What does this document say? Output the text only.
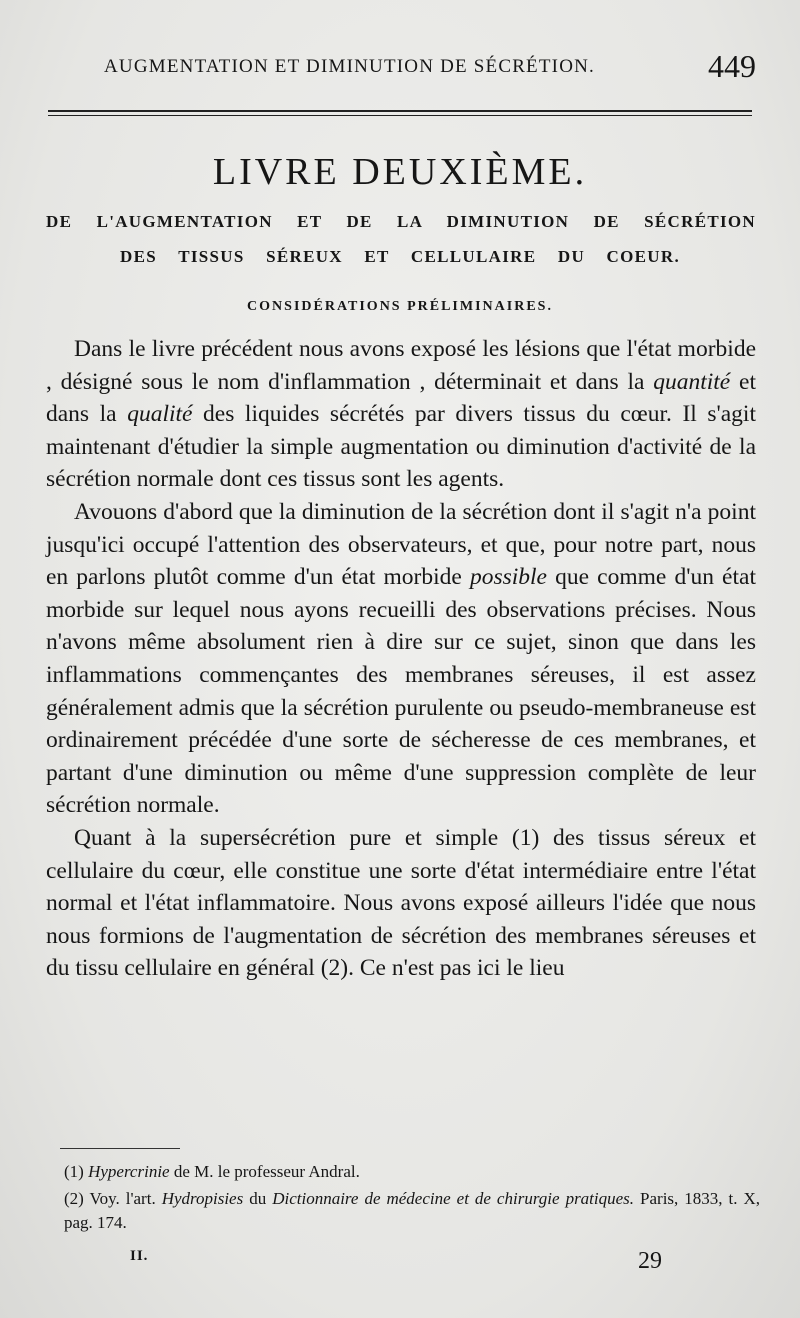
AUGMENTATION ET DIMINUTION DE SÉCRÉTION.	449
LIVRE DEUXIÈME.
DE L'AUGMENTATION ET DE LA DIMINUTION DE SÉCRÉTION
DES TISSUS SÉREUX ET CELLULAIRE DU COEUR.
CONSIDÉRATIONS PRÉLIMINAIRES.

Dans le livre précédent nous avons exposé les lésions que l'état morbide , désigné sous le nom d'inflammation , déterminait et dans la quantité et dans la qualité des liquides sécrétés par divers tissus du cœur. Il s'agit maintenant d'étudier la simple augmentation ou diminution d'activité de la sécrétion normale dont ces tissus sont les agents.

Avouons d'abord que la diminution de la sécrétion dont il s'agit n'a point jusqu'ici occupé l'attention des observateurs, et que, pour notre part, nous en parlons plutôt comme d'un état morbide possible que comme d'un état morbide sur lequel nous ayons recueilli des observations précises. Nous n'avons même absolument rien à dire sur ce sujet, sinon que dans les inflammations commençantes des membranes séreuses, il est assez généralement admis que la sécrétion purulente ou pseudo-membraneuse est ordinairement précédée d'une sorte de sécheresse de ces membranes, et partant d'une diminution ou même d'une suppression complète de leur sécrétion normale.

Quant à la supersécrétion pure et simple (1) des tissus séreux et cellulaire du cœur, elle constitue une sorte d'état intermédiaire entre l'état normal et l'état inflammatoire. Nous avons exposé ailleurs l'idée que nous nous formions de l'augmentation de sécrétion des membranes séreuses et du tissu cellulaire en général (2). Ce n'est pas ici le lieu

(1) Hypercrinie de M. le professeur Andral.

(2) Voy. l'art. Hydropisies du Dictionnaire de médecine et de chirurgie pratiques. Paris, 1833, t. X, pag. 174.

II.	29
